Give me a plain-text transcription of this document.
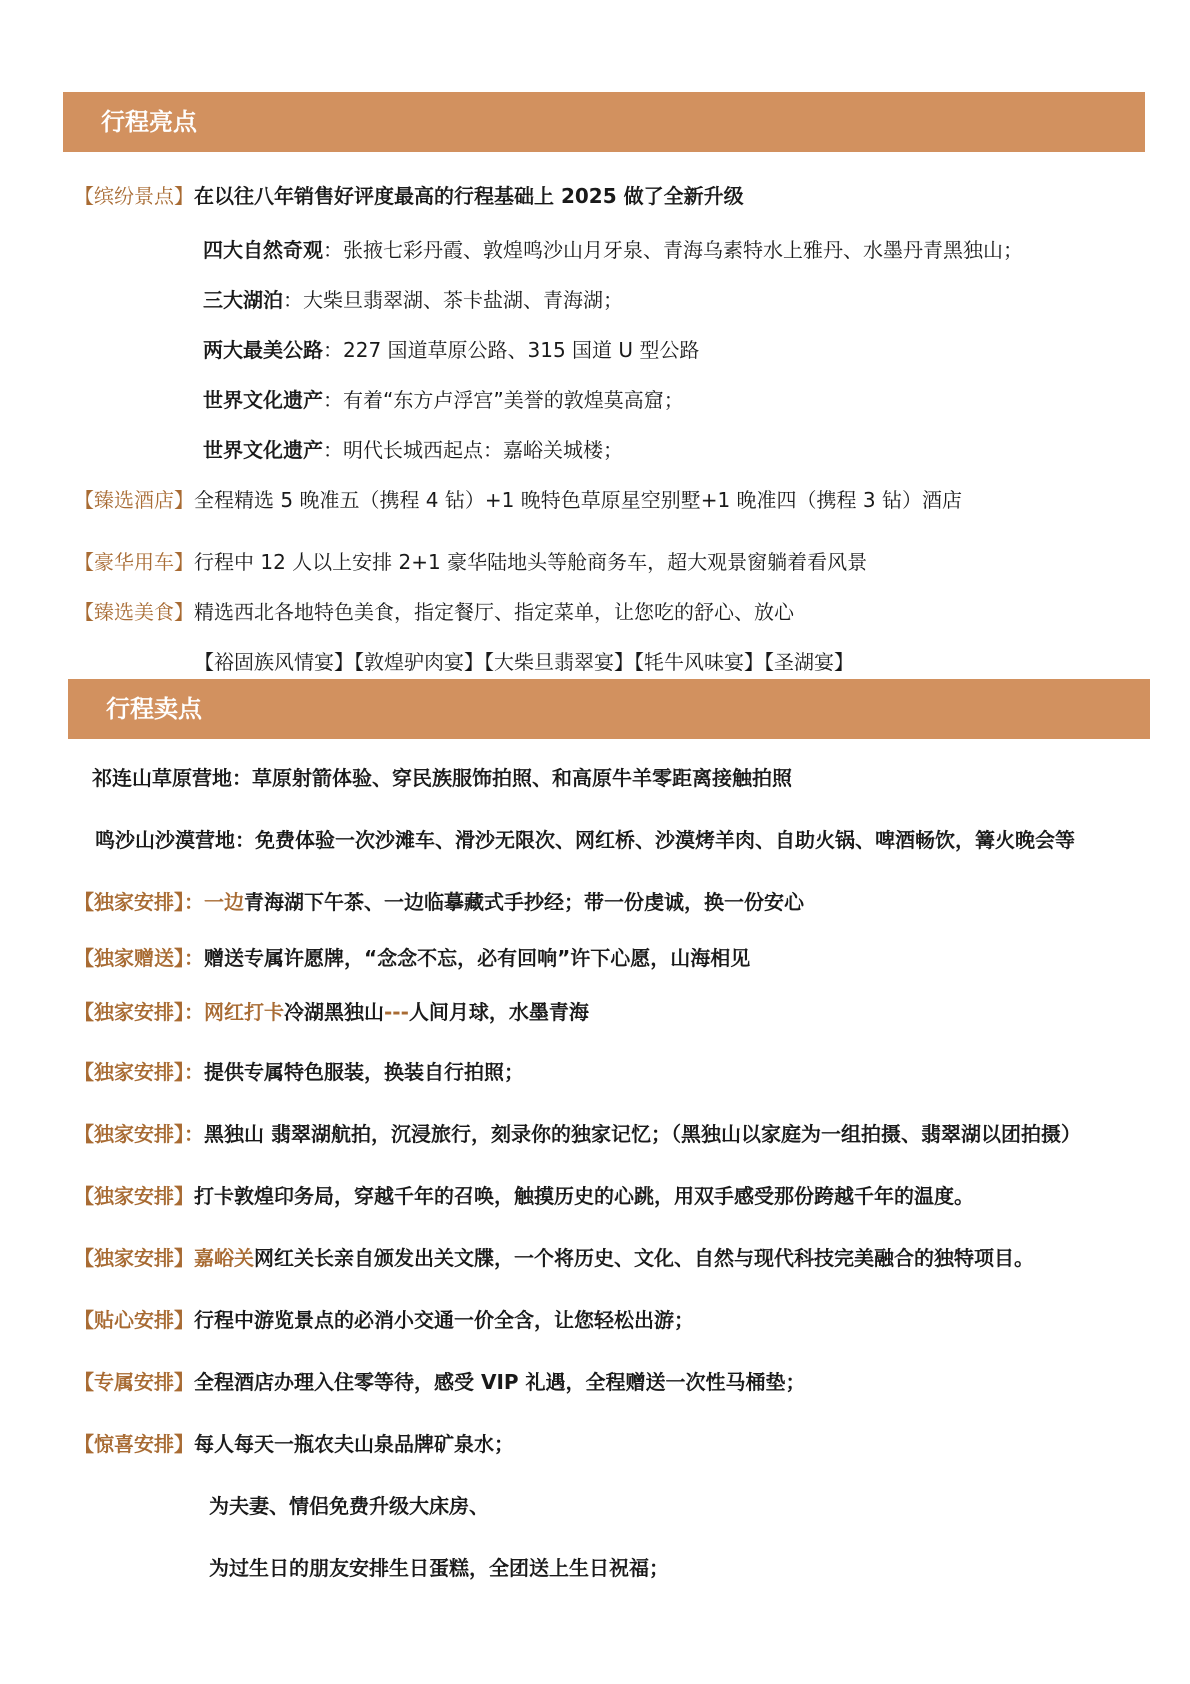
行程亮点
【缤纷景点】在以往八年销售好评度最高的行程基础上 2025 做了全新升级
四大自然奇观：张掖七彩丹霞、敦煌鸣沙山月牙泉、青海乌素特水上雅丹、水墨丹青黑独山；
三大湖泊：大柴旦翡翠湖、茶卡盐湖、青海湖；
两大最美公路：227 国道草原公路、315 国道 U 型公路
世界文化遗产：有着“东方卢浮宫”美誉的敦煌莫高窟；
世界文化遗产：明代长城西起点：嘉峪关城楼；
【臻选酒店】全程精选 5 晚准五（携程 4 钻）+1 晚特色草原星空别墅+1 晚准四（携程 3 钻）酒店
【豪华用车】行程中 12 人以上安排 2+1 豪华陆地头等舱商务车，超大观景窗躺着看风景
【臻选美食】精选西北各地特色美食，指定餐厅、指定菜单，让您吃的舒心、放心
【裕固族风情宴】【敦煌驴肉宴】【大柴旦翡翠宴】【牦牛风味宴】【圣湖宴】
行程卖点
祁连山草原营地：草原射箭体验、穿民族服饰拍照、和高原牛羊零距离接触拍照
鸣沙山沙漠营地：免费体验一次沙滩车、滑沙无限次、网红桥、沙漠烤羊肉、自助火锅、啤酒畅饮，篝火晚会等
【独家安排】：一边青海湖下午茶、一边临摹藏式手抄经；带一份虔诚，换一份安心
【独家赠送】：赠送专属许愿牌，“念念不忘，必有回响”许下心愿，山海相见
【独家安排】：网红打卡冷湖黑独山---人间月球，水墨青海
【独家安排】：提供专属特色服装，换装自行拍照；
【独家安排】：黑独山 翡翠湖航拍，沉浸旅行，刻录你的独家记忆；（黑独山以家庭为一组拍摄、翡翠湖以团拍摄）
【独家安排】打卡敦煌印务局，穿越千年的召唤，触摸历史的心跳，用双手感受那份跨越千年的温度。
【独家安排】嘉峪关网红关长亲自颁发出关文牒，一个将历史、文化、自然与现代科技完美融合的独特项目。
【贴心安排】行程中游览景点的必消小交通一价全含，让您轻松出游；
【专属安排】全程酒店办理入住零等待，感受 VIP 礼遇，全程赠送一次性马桶垫；
【惊喜安排】每人每天一瓶农夫山泉品牌矿泉水；
为夫妻、情侣免费升级大床房、
为过生日的朋友安排生日蛋糕，全团送上生日祝福；
